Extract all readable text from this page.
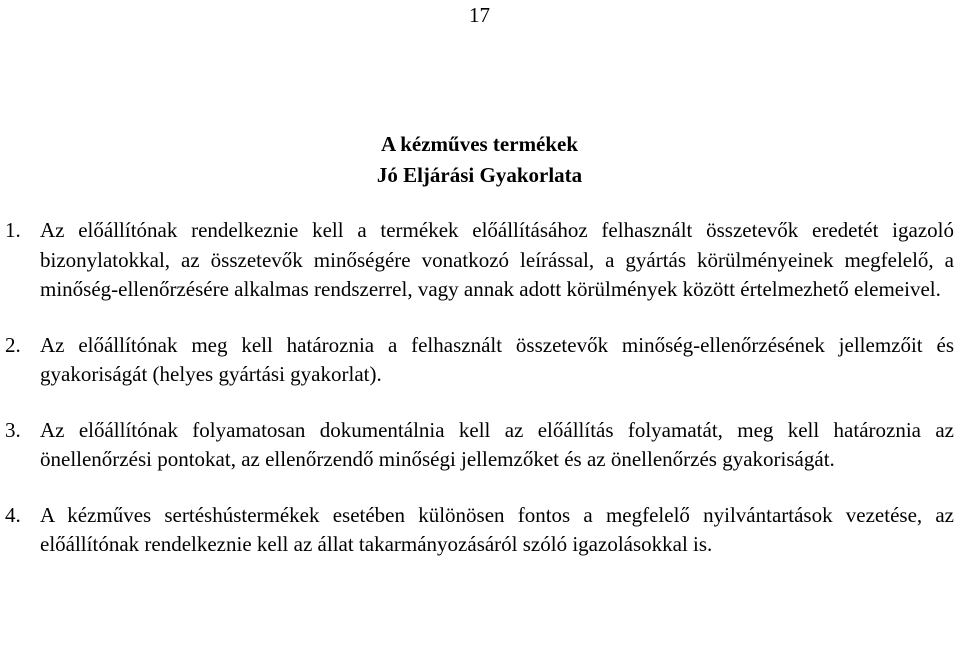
17
A kézműves termékek
Jó Eljárási Gyakorlata
1. Az előállítónak rendelkeznie kell a termékek előállításához felhasznált összetevők eredetét igazoló bizonylatokkal, az összetevők minőségére vonatkozó leírással, a gyártás körülményeinek megfelelő, a minőség-ellenőrzésére alkalmas rendszerrel, vagy annak adott körülmények között értelmezhető elemeivel.
2. Az előállítónak meg kell határoznia a felhasznált összetevők minőség-ellenőrzésének jellemzőit és gyakoriságát (helyes gyártási gyakorlat).
3. Az előállítónak folyamatosan dokumentálnia kell az előállítás folyamatát, meg kell határoznia az önellenőrzési pontokat, az ellenőrzendő minőségi jellemzőket és az önellenőrzés gyakoriságát.
4. A kézműves sertéshústermékek esetében különösen fontos a megfelelő nyilvántartások vezetése, az előállítónak rendelkeznie kell az állat takarmányozásáról szóló igazolásokkal is.
